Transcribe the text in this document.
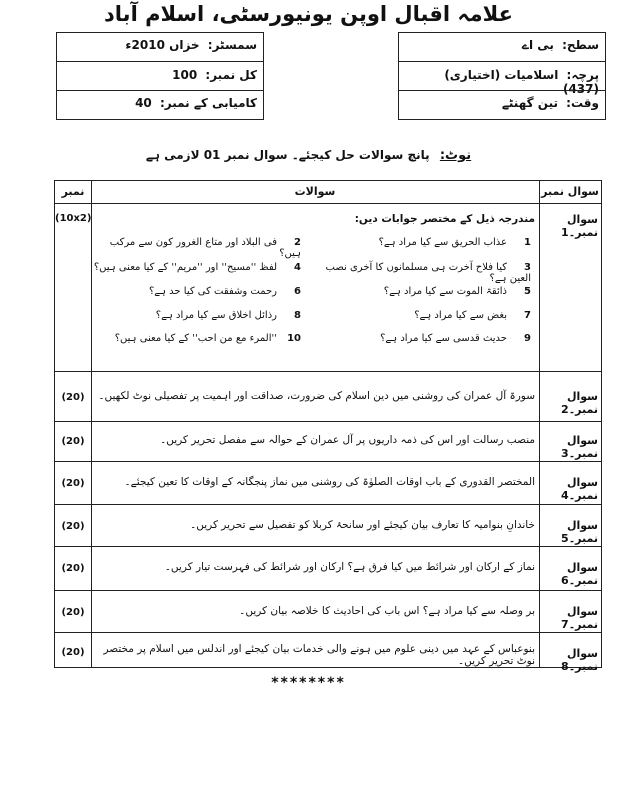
علامہ اقبال اوپن یونیورسٹی، اسلام آباد
سمسٹر: خزاں 2010ء
کل نمبر: 100
کامیابی کے نمبر: 40
سطح: بی اے
پرچہ: اسلامیات (اختیاری) (437)
وقت: تین گھنٹے
نوٹ: پانچ سوالات حل کیجئے۔ سوال نمبر 01 لازمی ہے
سوال نمبر
سوالات
نمبر
سوال نمبر۔1
(10x2)	مندرجہ ذیل کے مختصر جوابات دیں:
1عذاب الحریق سے کیا مراد ہے؟
2فی البلاد اور متاع الغرور کون سے مرکب ہیں؟
3کیا فلاح آخرت ہی مسلمانوں کا آخری نصب العین ہے؟
4لفظ ''مسیح'' اور ''مریم'' کے کیا معنی ہیں؟
5ذائقۃ الموت سے کیا مراد ہے؟
6رحمت وشفقت کی کیا حد ہے؟
7بغض سے کیا مراد ہے؟
8رذائل اخلاق سے کیا مراد ہے؟
9حدیث قدسی سے کیا مراد ہے؟
10''المرء مع من احب'' کے کیا معنی ہیں؟
سوال نمبر۔2
سورۃ آل عمران کی روشنی میں دین اسلام کی ضرورت، صداقت اور اہمیت پر تفصیلی نوٹ لکھیں۔
(20)
سوال نمبر۔3
منصب رسالت اور اس کی ذمہ داریوں پر آل عمران کے حوالہ سے مفصل تحریر کریں۔
(20)
سوال نمبر۔4
المختصر القدوری کے باب اوقات الصلوٰۃ کی روشنی میں نماز پنجگانہ کے اوقات کا تعین کیجئے۔
(20)
سوال نمبر۔5
خاندانِ بنوامیہ کا تعارف بیان کیجئے اور سانحۂ کربلا کو تفصیل سے تحریر کریں۔
(20)
سوال نمبر۔6
نماز کے ارکان اور شرائط میں کیا فرق ہے؟ ارکان اور شرائط کی فہرست تیار کریں۔
(20)
سوال نمبر۔7
بر وصلہ سے کیا مراد ہے؟ اس باب کی احادیث کا خلاصہ بیان کریں۔
(20)
سوال نمبر۔8
بنوعباس کے عہد میں دینی علوم میں ہونے والی خدمات بیان کیجئے اور اندلس میں اسلام پر مختصر نوٹ تحریر کریں۔
(20)
********
